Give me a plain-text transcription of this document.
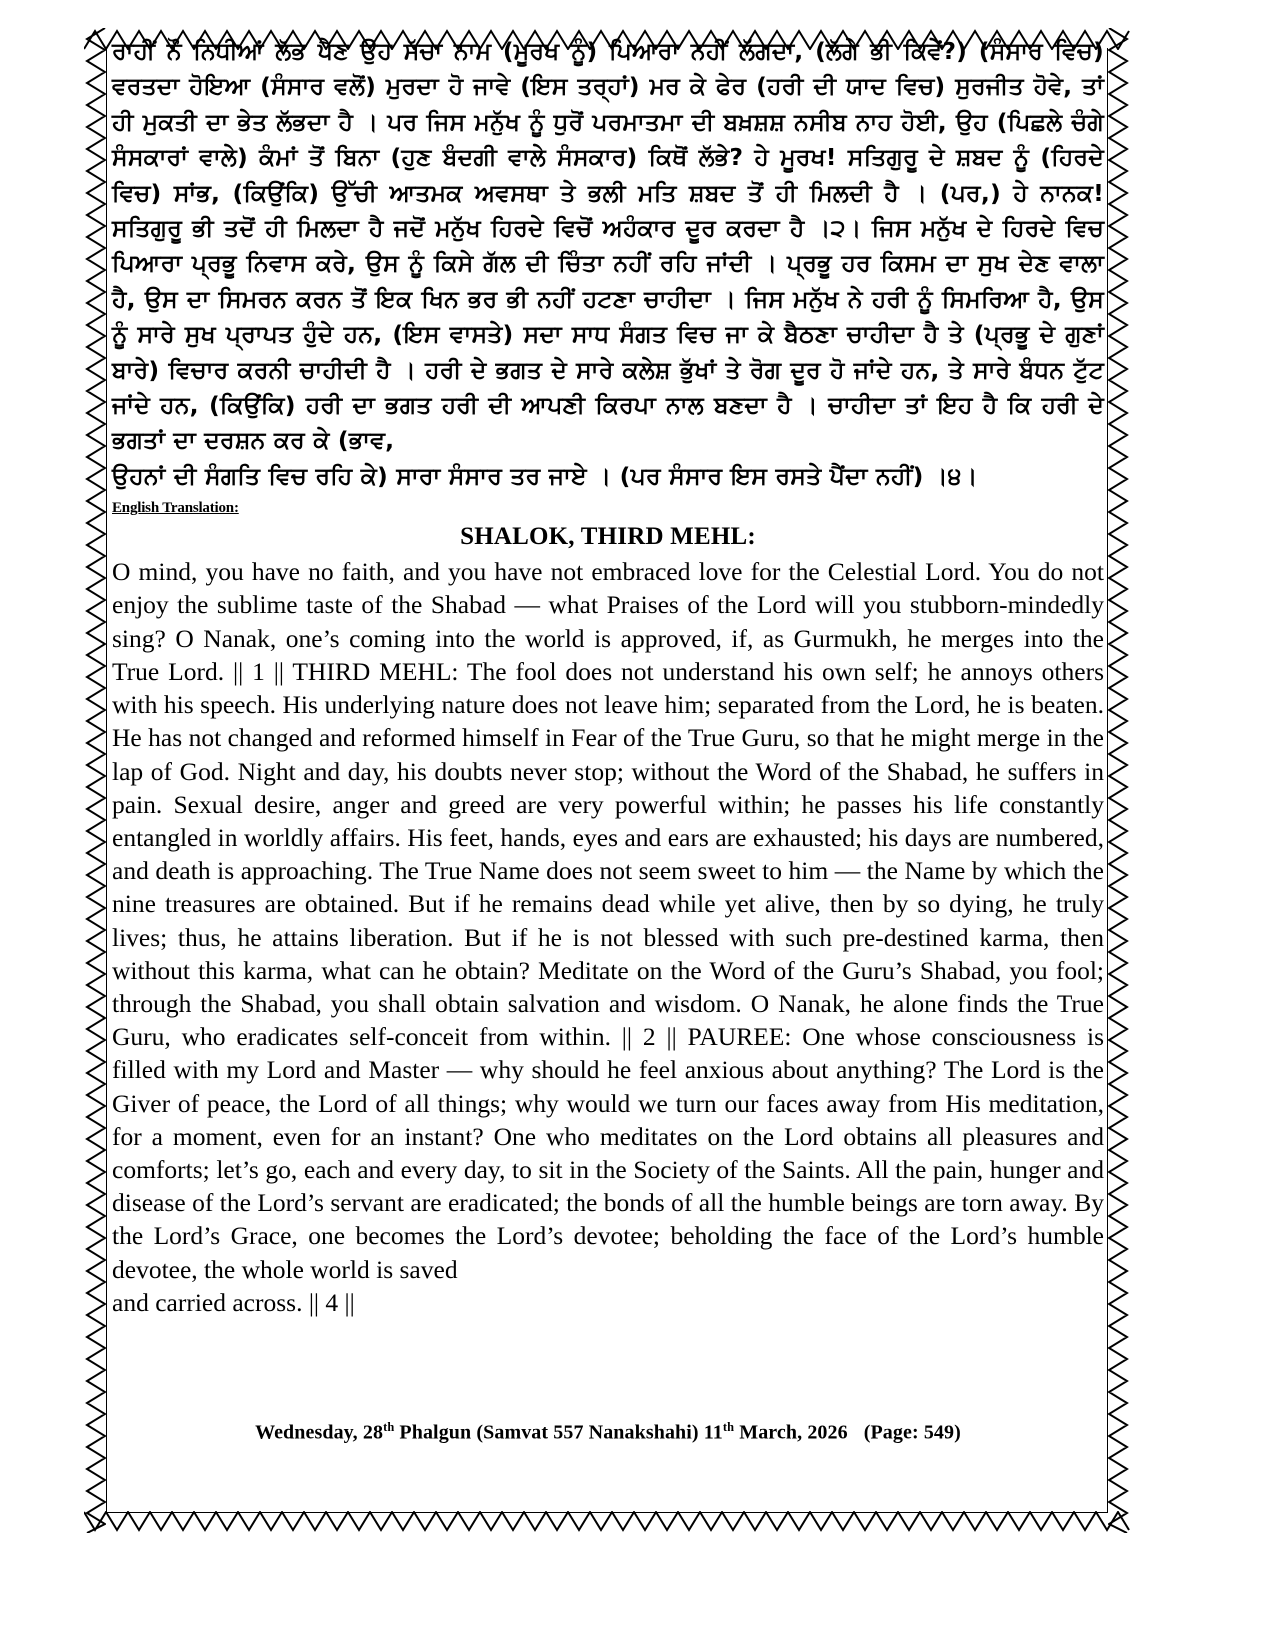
ਰਾਹੀਂ ਨੌ ਨਿਧੀਆਂ ਲੱਭ ਪੈਣ ਉਹ ਸੱਚਾ ਨਾਮ (ਮੂਰਖ ਨੂੰ) ਪਿਆਰਾ ਨਹੀਂ ਲੱਗਦਾ, (ਲੱਗੇ ਭੀ ਕਿਵੇਂ?) (ਸੰਸਾਰ ਵਿਚ) ਵਰਤਦਾ ਹੋਇਆ (ਸੰਸਾਰ ਵਲੋਂ) ਮੁਰਦਾ ਹੋ ਜਾਵੇ (ਇਸ ਤਰ੍ਹਾਂ) ਮਰ ਕੇ ਫੇਰ (ਹਰੀ ਦੀ ਯਾਦ ਵਿਚ) ਸੁਰਜੀਤ ਹੋਵੇ, ਤਾਂ ਹੀ ਮੁਕਤੀ ਦਾ ਭੇਤ ਲੱਭਦਾ ਹੈ । ਪਰ ਜਿਸ ਮਨੁੱਖ ਨੂੰ ਧੁਰੋਂ ਪਰਮਾਤਮਾ ਦੀ ਬਖ਼ਸ਼ਸ਼ ਨਸੀਬ ਨਾਹ ਹੋਈ, ਉਹ (ਪਿਛਲੇ ਚੰਗੇ ਸੰਸਕਾਰਾਂ ਵਾਲੇ) ਕੰਮਾਂ ਤੋਂ ਬਿਨਾ (ਹੁਣ ਬੰਦਗੀ ਵਾਲੇ ਸੰਸਕਾਰ) ਕਿਥੋਂ ਲੱਭੇ? ਹੇ ਮੂਰਖ! ਸਤਿਗੁਰੂ ਦੇ ਸ਼ਬਦ ਨੂੰ (ਹਿਰਦੇ ਵਿਚ) ਸਾਂਭ, (ਕਿਉਂਕਿ) ਉੱਚੀ ਆਤਮਕ ਅਵਸਥਾ ਤੇ ਭਲੀ ਮਤਿ ਸ਼ਬਦ ਤੋਂ ਹੀ ਮਿਲਦੀ ਹੈ । (ਪਰ,) ਹੇ ਨਾਨਕ! ਸਤਿਗੁਰੂ ਭੀ ਤਦੋਂ ਹੀ ਮਿਲਦਾ ਹੈ ਜਦੋਂ ਮਨੁੱਖ ਹਿਰਦੇ ਵਿਚੋਂ ਅਹੰਕਾਰ ਦੂਰ ਕਰਦਾ ਹੈ ।੨। ਜਿਸ ਮਨੁੱਖ ਦੇ ਹਿਰਦੇ ਵਿਚ ਪਿਆਰਾ ਪ੍ਰਭੂ ਨਿਵਾਸ ਕਰੇ, ਉਸ ਨੂੰ ਕਿਸੇ ਗੱਲ ਦੀ ਚਿੰਤਾ ਨਹੀਂ ਰਹਿ ਜਾਂਦੀ । ਪ੍ਰਭੂ ਹਰ ਕਿਸਮ ਦਾ ਸੁਖ ਦੇਣ ਵਾਲਾ ਹੈ, ਉਸ ਦਾ ਸਿਮਰਨ ਕਰਨ ਤੋਂ ਇਕ ਖਿਨ ਭਰ ਭੀ ਨਹੀਂ ਹਟਣਾ ਚਾਹੀਦਾ । ਜਿਸ ਮਨੁੱਖ ਨੇ ਹਰੀ ਨੂੰ ਸਿਮਰਿਆ ਹੈ, ਉਸ ਨੂੰ ਸਾਰੇ ਸੁਖ ਪ੍ਰਾਪਤ ਹੁੰਦੇ ਹਨ, (ਇਸ ਵਾਸਤੇ) ਸਦਾ ਸਾਧ ਸੰਗਤ ਵਿਚ ਜਾ ਕੇ ਬੈਠਣਾ ਚਾਹੀਦਾ ਹੈ ਤੇ (ਪ੍ਰਭੂ ਦੇ ਗੁਣਾਂ ਬਾਰੇ) ਵਿਚਾਰ ਕਰਨੀ ਚਾਹੀਦੀ ਹੈ । ਹਰੀ ਦੇ ਭਗਤ ਦੇ ਸਾਰੇ ਕਲੇਸ਼ ਭੁੱਖਾਂ ਤੇ ਰੋਗ ਦੂਰ ਹੋ ਜਾਂਦੇ ਹਨ, ਤੇ ਸਾਰੇ ਬੰਧਨ ਟੁੱਟ ਜਾਂਦੇ ਹਨ, (ਕਿਉਂਕਿ) ਹਰੀ ਦਾ ਭਗਤ ਹਰੀ ਦੀ ਆਪਣੀ ਕਿਰਪਾ ਨਾਲ ਬਣਦਾ ਹੈ । ਚਾਹੀਦਾ ਤਾਂ ਇਹ ਹੈ ਕਿ ਹਰੀ ਦੇ ਭਗਤਾਂ ਦਾ ਦਰਸ਼ਨ ਕਰ ਕੇ (ਭਾਵ,
ਉਹਨਾਂ ਦੀ ਸੰਗਤਿ ਵਿਚ ਰਹਿ ਕੇ) ਸਾਰਾ ਸੰਸਾਰ ਤਰ ਜਾਏ । (ਪਰ ਸੰਸਾਰ ਇਸ ਰਸਤੇ ਪੈਂਦਾ ਨਹੀਂ) ।੪।
English Translation:
SHALOK, THIRD MEHL:
O mind, you have no faith, and you have not embraced love for the Celestial Lord. You do not enjoy the sublime taste of the Shabad — what Praises of the Lord will you stubborn-mindedly sing? O Nanak, one’s coming into the world is approved, if, as Gurmukh, he merges into the True Lord. || 1 || THIRD MEHL: The fool does not understand his own self; he annoys others with his speech. His underlying nature does not leave him; separated from the Lord, he is beaten. He has not changed and reformed himself in Fear of the True Guru, so that he might merge in the lap of God. Night and day, his doubts never stop; without the Word of the Shabad, he suffers in pain. Sexual desire, anger and greed are very powerful within; he passes his life constantly entangled in worldly affairs. His feet, hands, eyes and ears are exhausted; his days are numbered, and death is approaching. The True Name does not seem sweet to him — the Name by which the nine treasures are obtained. But if he remains dead while yet alive, then by so dying, he truly lives; thus, he attains liberation. But if he is not blessed with such pre-destined karma, then without this karma, what can he obtain? Meditate on the Word of the Guru’s Shabad, you fool; through the Shabad, you shall obtain salvation and wisdom. O Nanak, he alone finds the True Guru, who eradicates self-conceit from within. || 2 || PAUREE: One whose consciousness is filled with my Lord and Master — why should he feel anxious about anything? The Lord is the Giver of peace, the Lord of all things; why would we turn our faces away from His meditation, for a moment, even for an instant? One who meditates on the Lord obtains all pleasures and comforts; let’s go, each and every day, to sit in the Society of the Saints. All the pain, hunger and disease of the Lord’s servant are eradicated; the bonds of all the humble beings are torn away. By the Lord’s Grace, one becomes the Lord’s devotee; beholding the face of the Lord’s humble devotee, the whole world is saved
and carried across. || 4 ||
Wednesday, 28th Phalgun (Samvat 557 Nanakshahi) 11th March, 2026 (Page: 549)
